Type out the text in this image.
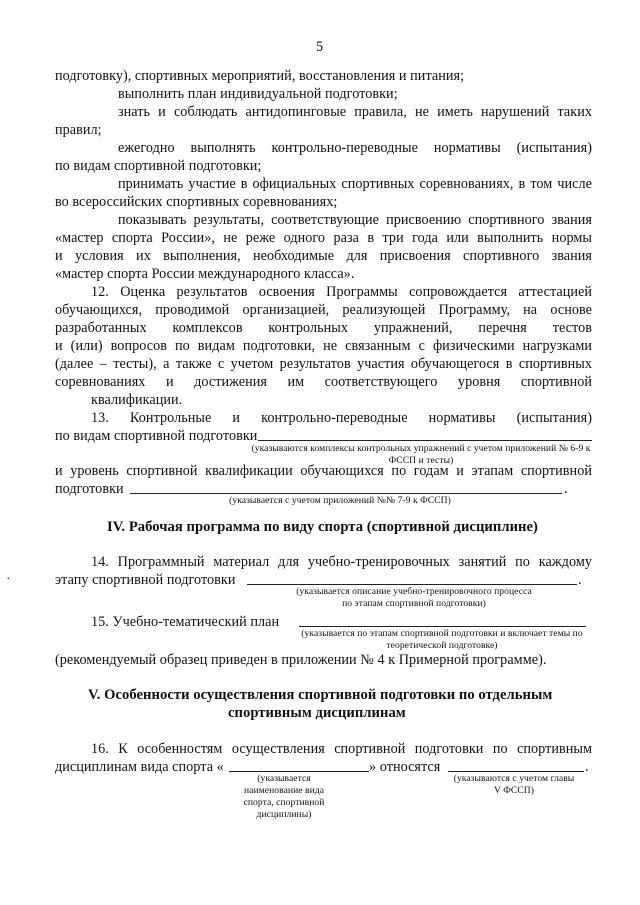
5
подготовку), спортивных мероприятий, восстановления и питания;
выполнить план индивидуальной подготовки;
знать и соблюдать антидопинговые правила, не иметь нарушений таких
правил;
ежегодно выполнять контрольно-переводные нормативы (испытания)
по видам спортивной подготовки;
принимать участие в официальных спортивных соревнованиях, в том числе
во всероссийских спортивных соревнованиях;
показывать результаты, соответствующие присвоению спортивного звания
«мастер спорта России», не реже одного раза в три года или выполнить нормы
и условия их выполнения, необходимые для присвоения спортивного звания
«мастер спорта России международного класса».
12. Оценка результатов освоения Программы сопровождается аттестацией
обучающихся, проводимой организацией, реализующей Программу, на основе
разработанных комплексов контрольных упражнений, перечня тестов
и (или) вопросов по видам подготовки, не связанным с физическими нагрузками
(далее – тесты), а также с учетом результатов участия обучающегося в спортивных
соревнованиях и достижения им соответствующего уровня спортивной
квалификации.
13. Контрольные и контрольно-переводные нормативы (испытания)
по видам спортивной подготовки
(указываются комплексы контрольных упражнений с учетом приложений № 6-9 к ФССП и тесты)
и уровень спортивной квалификации обучающихся по годам и этапам спортивной
подготовки	.
(указывается с учетом приложений №№ 7-9 к ФССП)
IV. Рабочая программа по виду спорта (спортивной дисциплине)
14. Программный материал для учебно-тренировочных занятий по каждому
этапу спортивной подготовки	.
(указывается описание учебно-тренировочного процесса по этапам спортивной подготовки)
·
15. Учебно-тематический план
(указывается по этапам спортивной подготовки и включает темы по теоретической подготовке)
(рекомендуемый образец приведен в приложении № 4 к Примерной программе).
V. Особенности осуществления спортивной подготовки по отдельным
спортивным дисциплинам
16. К особенностям осуществления спортивной подготовки по спортивным
дисциплинам вида спорта «	» относятся	.
(указывается наименование вида спорта, спортивной дисциплины)
(указываются с учетом главы V ФССП)
